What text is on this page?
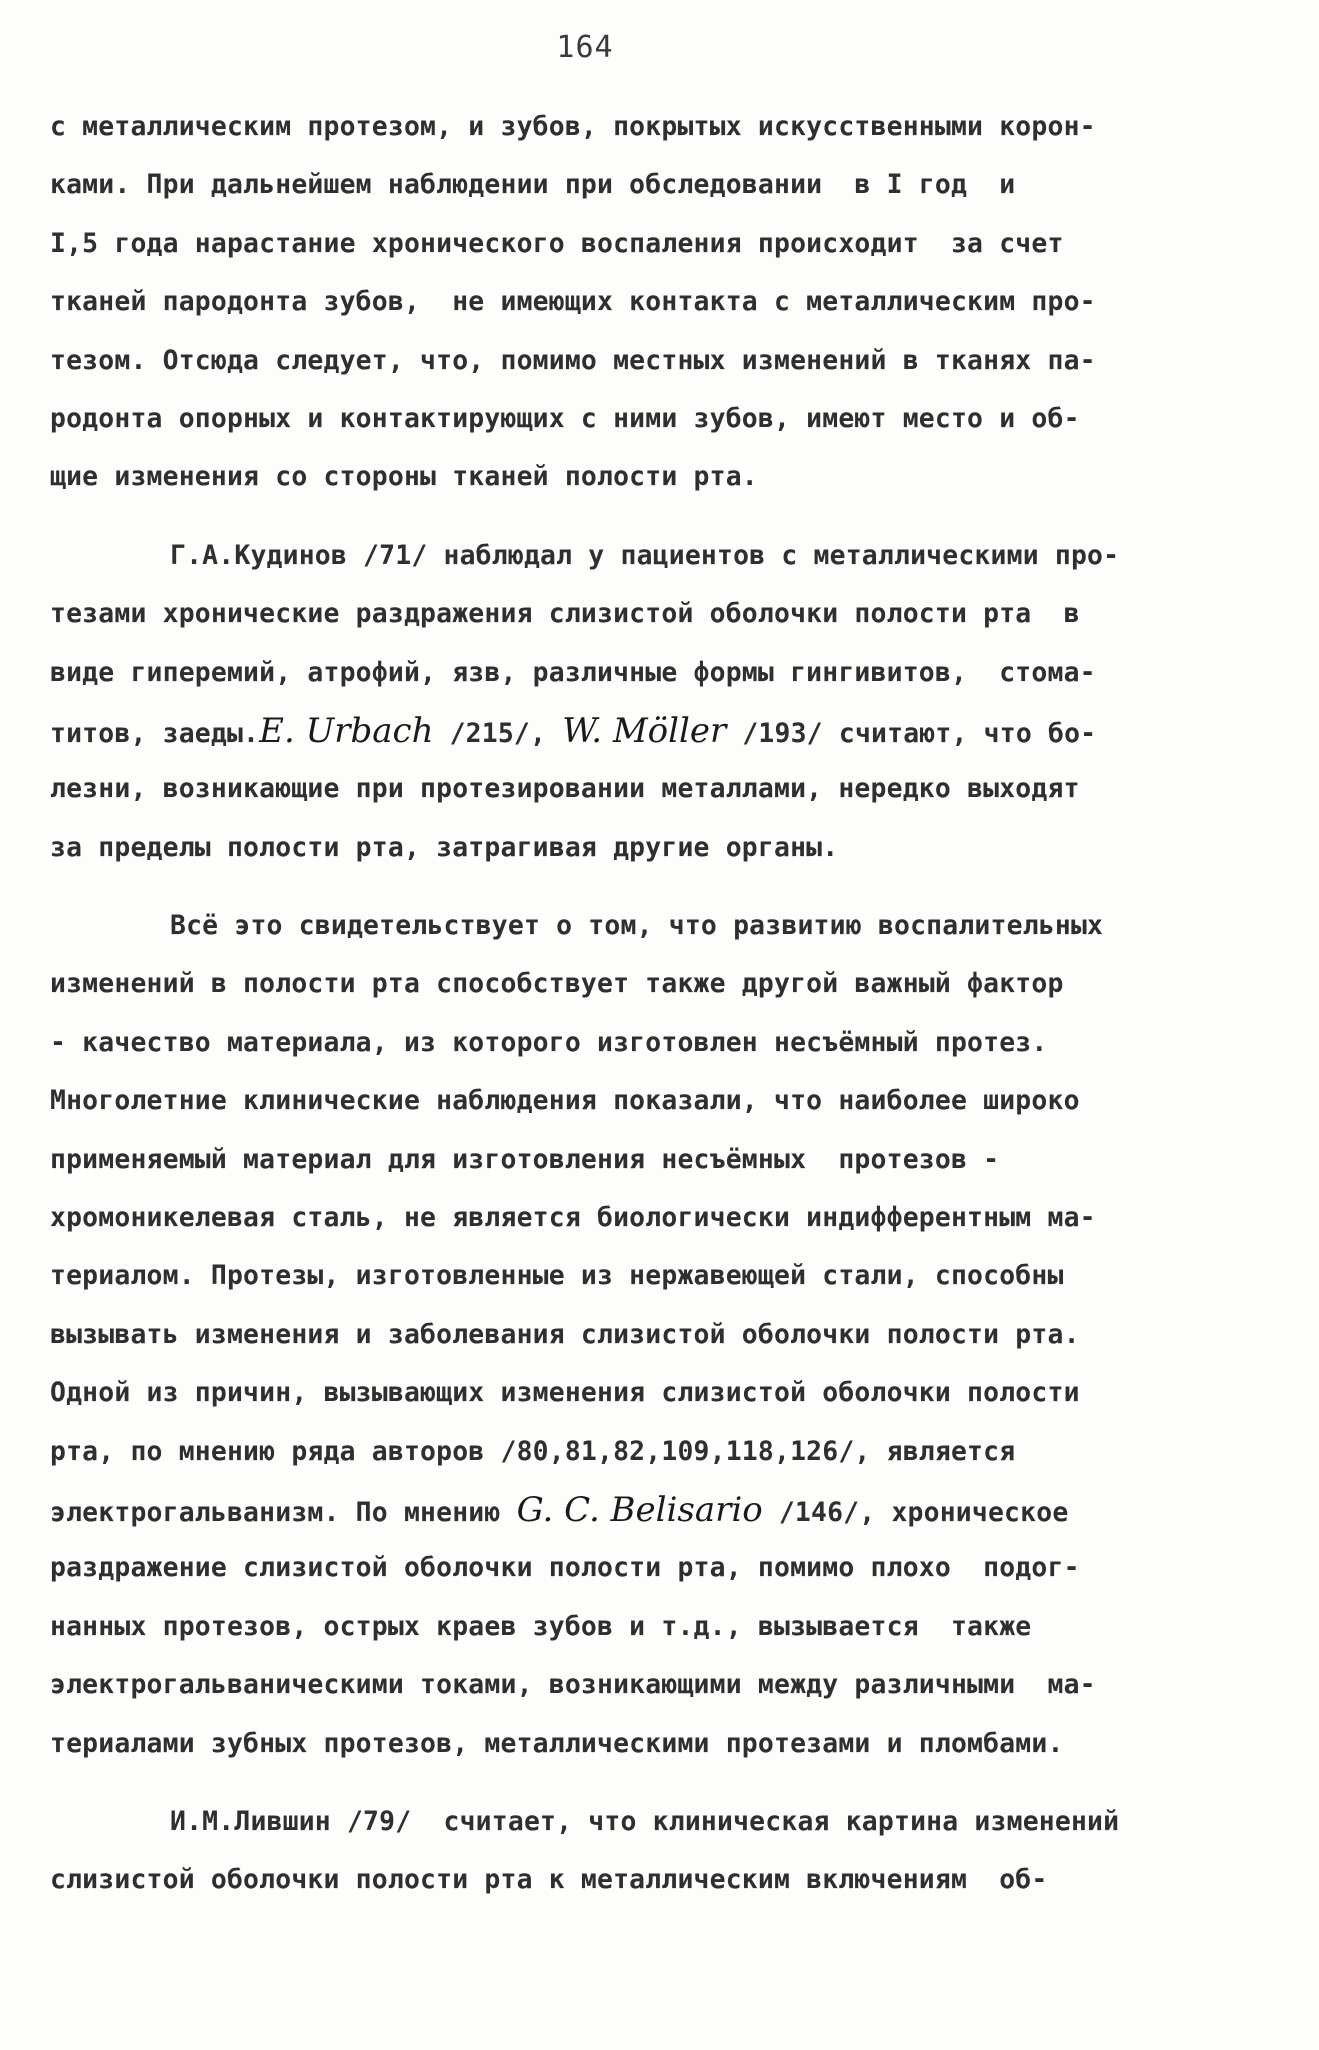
164
с металлическим протезом, и зубов, покрытых искусственными корон-
ками. При дальнейшем наблюдении при обследовании  в I год  и
I,5 года нарастание хронического воспаления происходит  за счет
тканей пародонта зубов,  не имеющих контакта с металлическим про-
тезом. Отсюда следует, что, помимо местных изменений в тканях па-
родонта опорных и контактирующих с ними зубов, имеют место и об-
щие изменения со стороны тканей полости рта.
Г.А.Кудинов /71/ наблюдал у пациентов с металлическими про-
тезами хронические раздражения слизистой оболочки полости рта  в
виде гиперемий, атрофий, язв, различные формы гингивитов,  стома-
титов, заеды.E. Urbach /215/, W. Möller /193/ считают, что бо-
лезни, возникающие при протезировании металлами, нередко выходят
за пределы полости рта, затрагивая другие органы.
Всё это свидетельствует о том, что развитию воспалительных
изменений в полости рта способствует также другой важный фактор
- качество материала, из которого изготовлен несъёмный протез.
Многолетние клинические наблюдения показали, что наиболее широко
применяемый материал для изготовления несъёмных  протезов -
хромоникелевая сталь, не является биологически индифферентным ма-
териалом. Протезы, изготовленные из нержавеющей стали, способны
вызывать изменения и заболевания слизистой оболочки полости рта.
Одной из причин, вызывающих изменения слизистой оболочки полости
рта, по мнению ряда авторов /80,81,82,109,118,126/, является
электрогальванизм. По мнению G. C. Belisario /146/, хроническое
раздражение слизистой оболочки полости рта, помимо плохо  подог-
нанных протезов, острых краев зубов и т.д., вызывается  также
электрогальваническими токами, возникающими между различными  ма-
териалами зубных протезов, металлическими протезами и пломбами.
И.М.Лившин /79/  считает, что клиническая картина изменений
слизистой оболочки полости рта к металлическим включениям  об-
